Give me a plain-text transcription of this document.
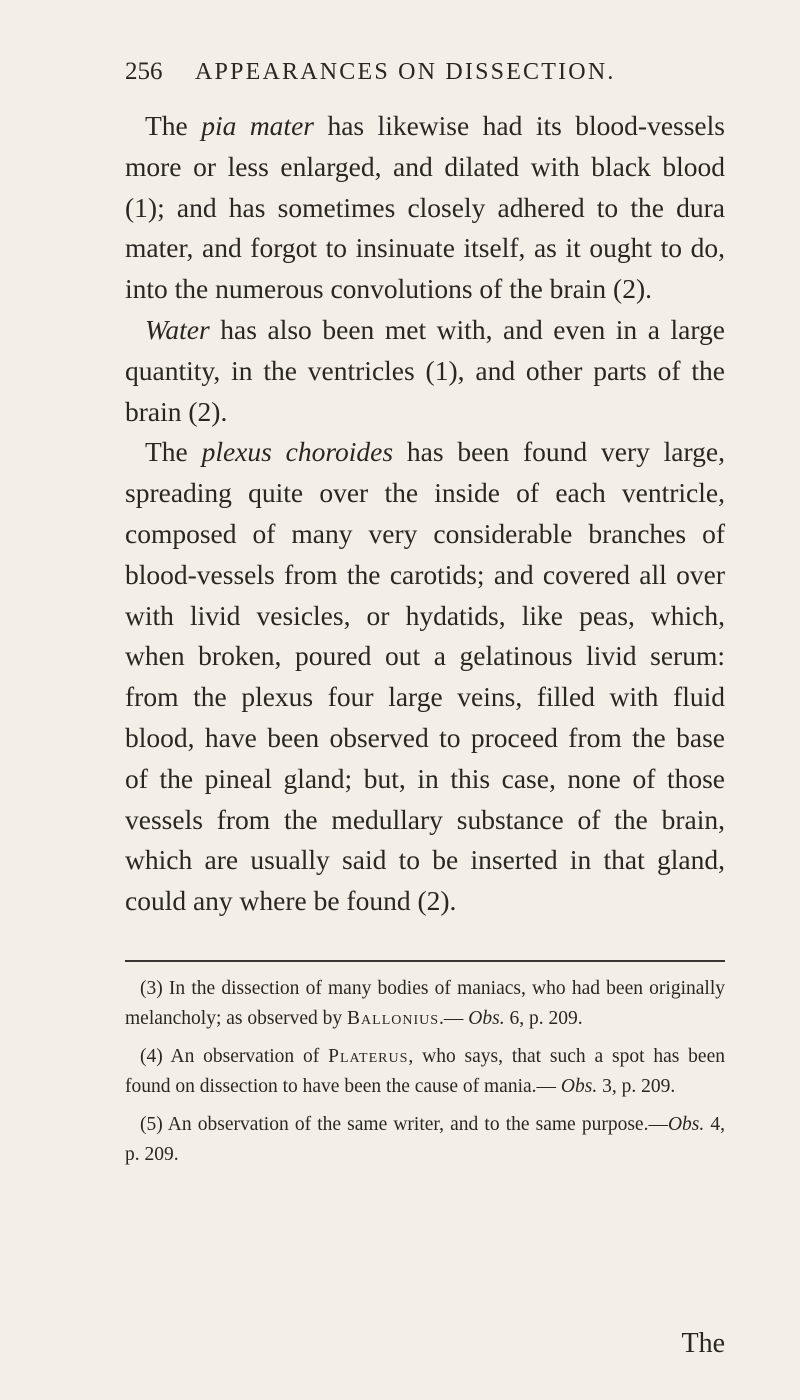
256	APPEARANCES ON DISSECTION.

The pia mater has likewise had its blood-vessels more or less enlarged, and dilated with black blood (1); and has sometimes closely adhered to the dura mater, and forgot to insinuate itself, as it ought to do, into the numerous convolutions of the brain (2).

Water has also been met with, and even in a large quantity, in the ventricles (1), and other parts of the brain (2).

The plexus choroides has been found very large, spreading quite over the inside of each ventricle, composed of many very considerable branches of blood-vessels from the carotids; and covered all over with livid vesicles, or hydatids, like peas, which, when broken, poured out a gelatinous livid serum: from the plexus four large veins, filled with fluid blood, have been observed to proceed from the base of the pineal gland; but, in this case, none of those vessels from the medullary substance of the brain, which are usually said to be inserted in that gland, could any where be found (2).

(3) In the dissection of many bodies of maniacs, who had been originally melancholy; as observed by Ballonius.— Obs. 6, p. 209.

(4) An observation of Platerus, who says, that such a spot has been found on dissection to have been the cause of mania.— Obs. 3, p. 209.

(5) An observation of the same writer, and to the same purpose.—Obs. 4, p. 209.

The
